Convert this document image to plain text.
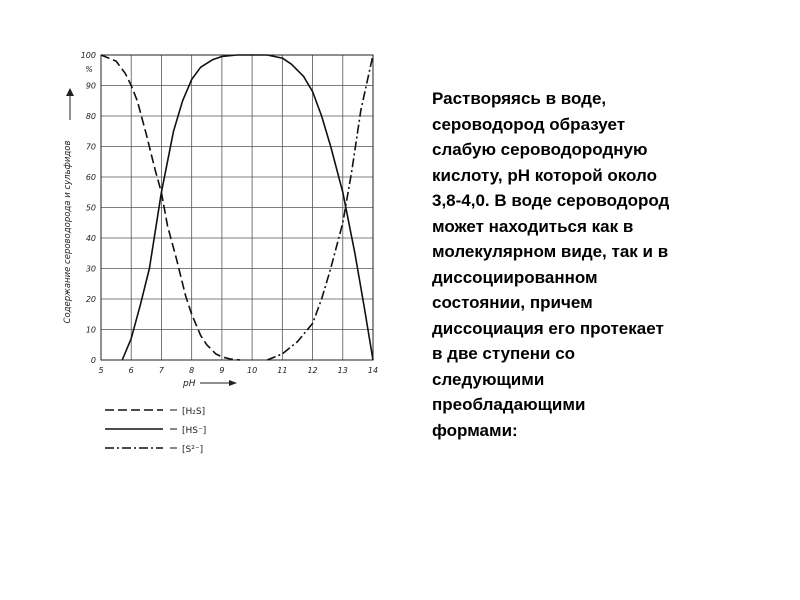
5	6	7	8	9	10	11	12	13	14
0
10
20
30
40
50
60
70
80
90
100
%
Содержание сероводорода и сульфидов
pH
[H₂S]
[HS⁻]
[S²⁻]

Растворяясь в воде,
сероводород образует
слабую сероводородную
кислоту, pH которой около
3,8-4,0. В воде сероводород
может находиться как в
молекулярном виде, так и в
диссоциированном
состоянии, причем
диссоциация его протекает
в две ступени со
следующими
преобладающими
формами:
